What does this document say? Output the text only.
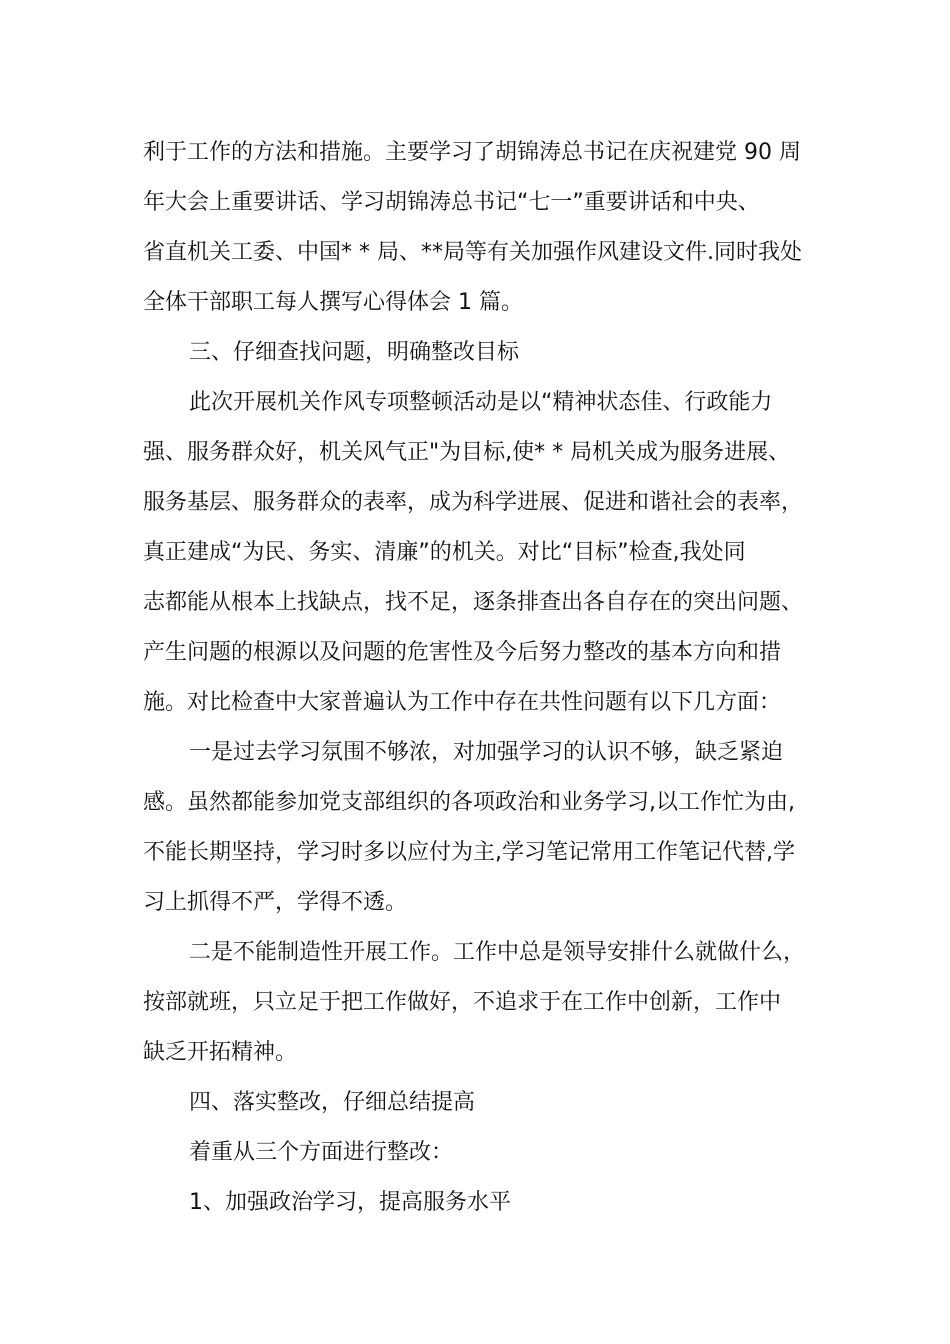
利于工作的方法和措施。主要学习了胡锦涛总书记在庆祝建党 90 周
年大会上重要讲话、学习胡锦涛总书记“七一”重要讲话和中央、
省直机关工委、中国* * 局、**局等有关加强作风建设文件.同时我处
全体干部职工每人撰写心得体会 1 篇。
三、仔细查找问题，明确整改目标
此次开展机关作风专项整顿活动是以“精神状态佳、行政能力
强、服务群众好，机关风气正"为目标,使* * 局机关成为服务进展、
服务基层、服务群众的表率，成为科学进展、促进和谐社会的表率，
真正建成“为民、务实、清廉”的机关。对比“目标”检查,我处同
志都能从根本上找缺点，找不足，逐条排查出各自存在的突出问题、
产生问题的根源以及问题的危害性及今后努力整改的基本方向和措
施。对比检查中大家普遍认为工作中存在共性问题有以下几方面：
一是过去学习氛围不够浓，对加强学习的认识不够，缺乏紧迫
感。虽然都能参加党支部组织的各项政治和业务学习,以工作忙为由,
不能长期坚持，学习时多以应付为主,学习笔记常用工作笔记代替,学
习上抓得不严，学得不透。
二是不能制造性开展工作。工作中总是领导安排什么就做什么，
按部就班，只立足于把工作做好，不追求于在工作中创新，工作中
缺乏开拓精神。
四、落实整改，仔细总结提高
着重从三个方面进行整改：
1、加强政治学习，提高服务水平
